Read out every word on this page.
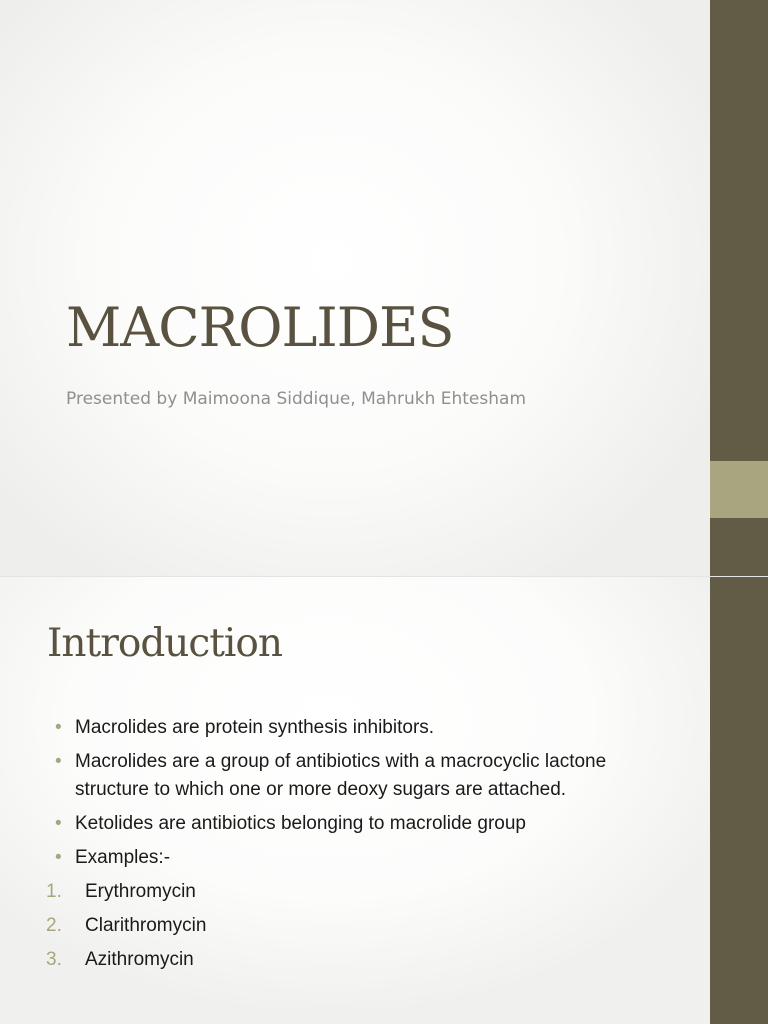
MACROLIDES

Presented by Maimoona Siddique, Mahrukh Ehtesham

Introduction
• Macrolides are protein synthesis inhibitors.
• Macrolides are a group of antibiotics with a macrocyclic lactone structure to which one or more deoxy sugars are attached.
• Ketolides are antibiotics belonging to macrolide group
• Examples:-
1. Erythromycin
2. Clarithromycin
3. Azithromycin
